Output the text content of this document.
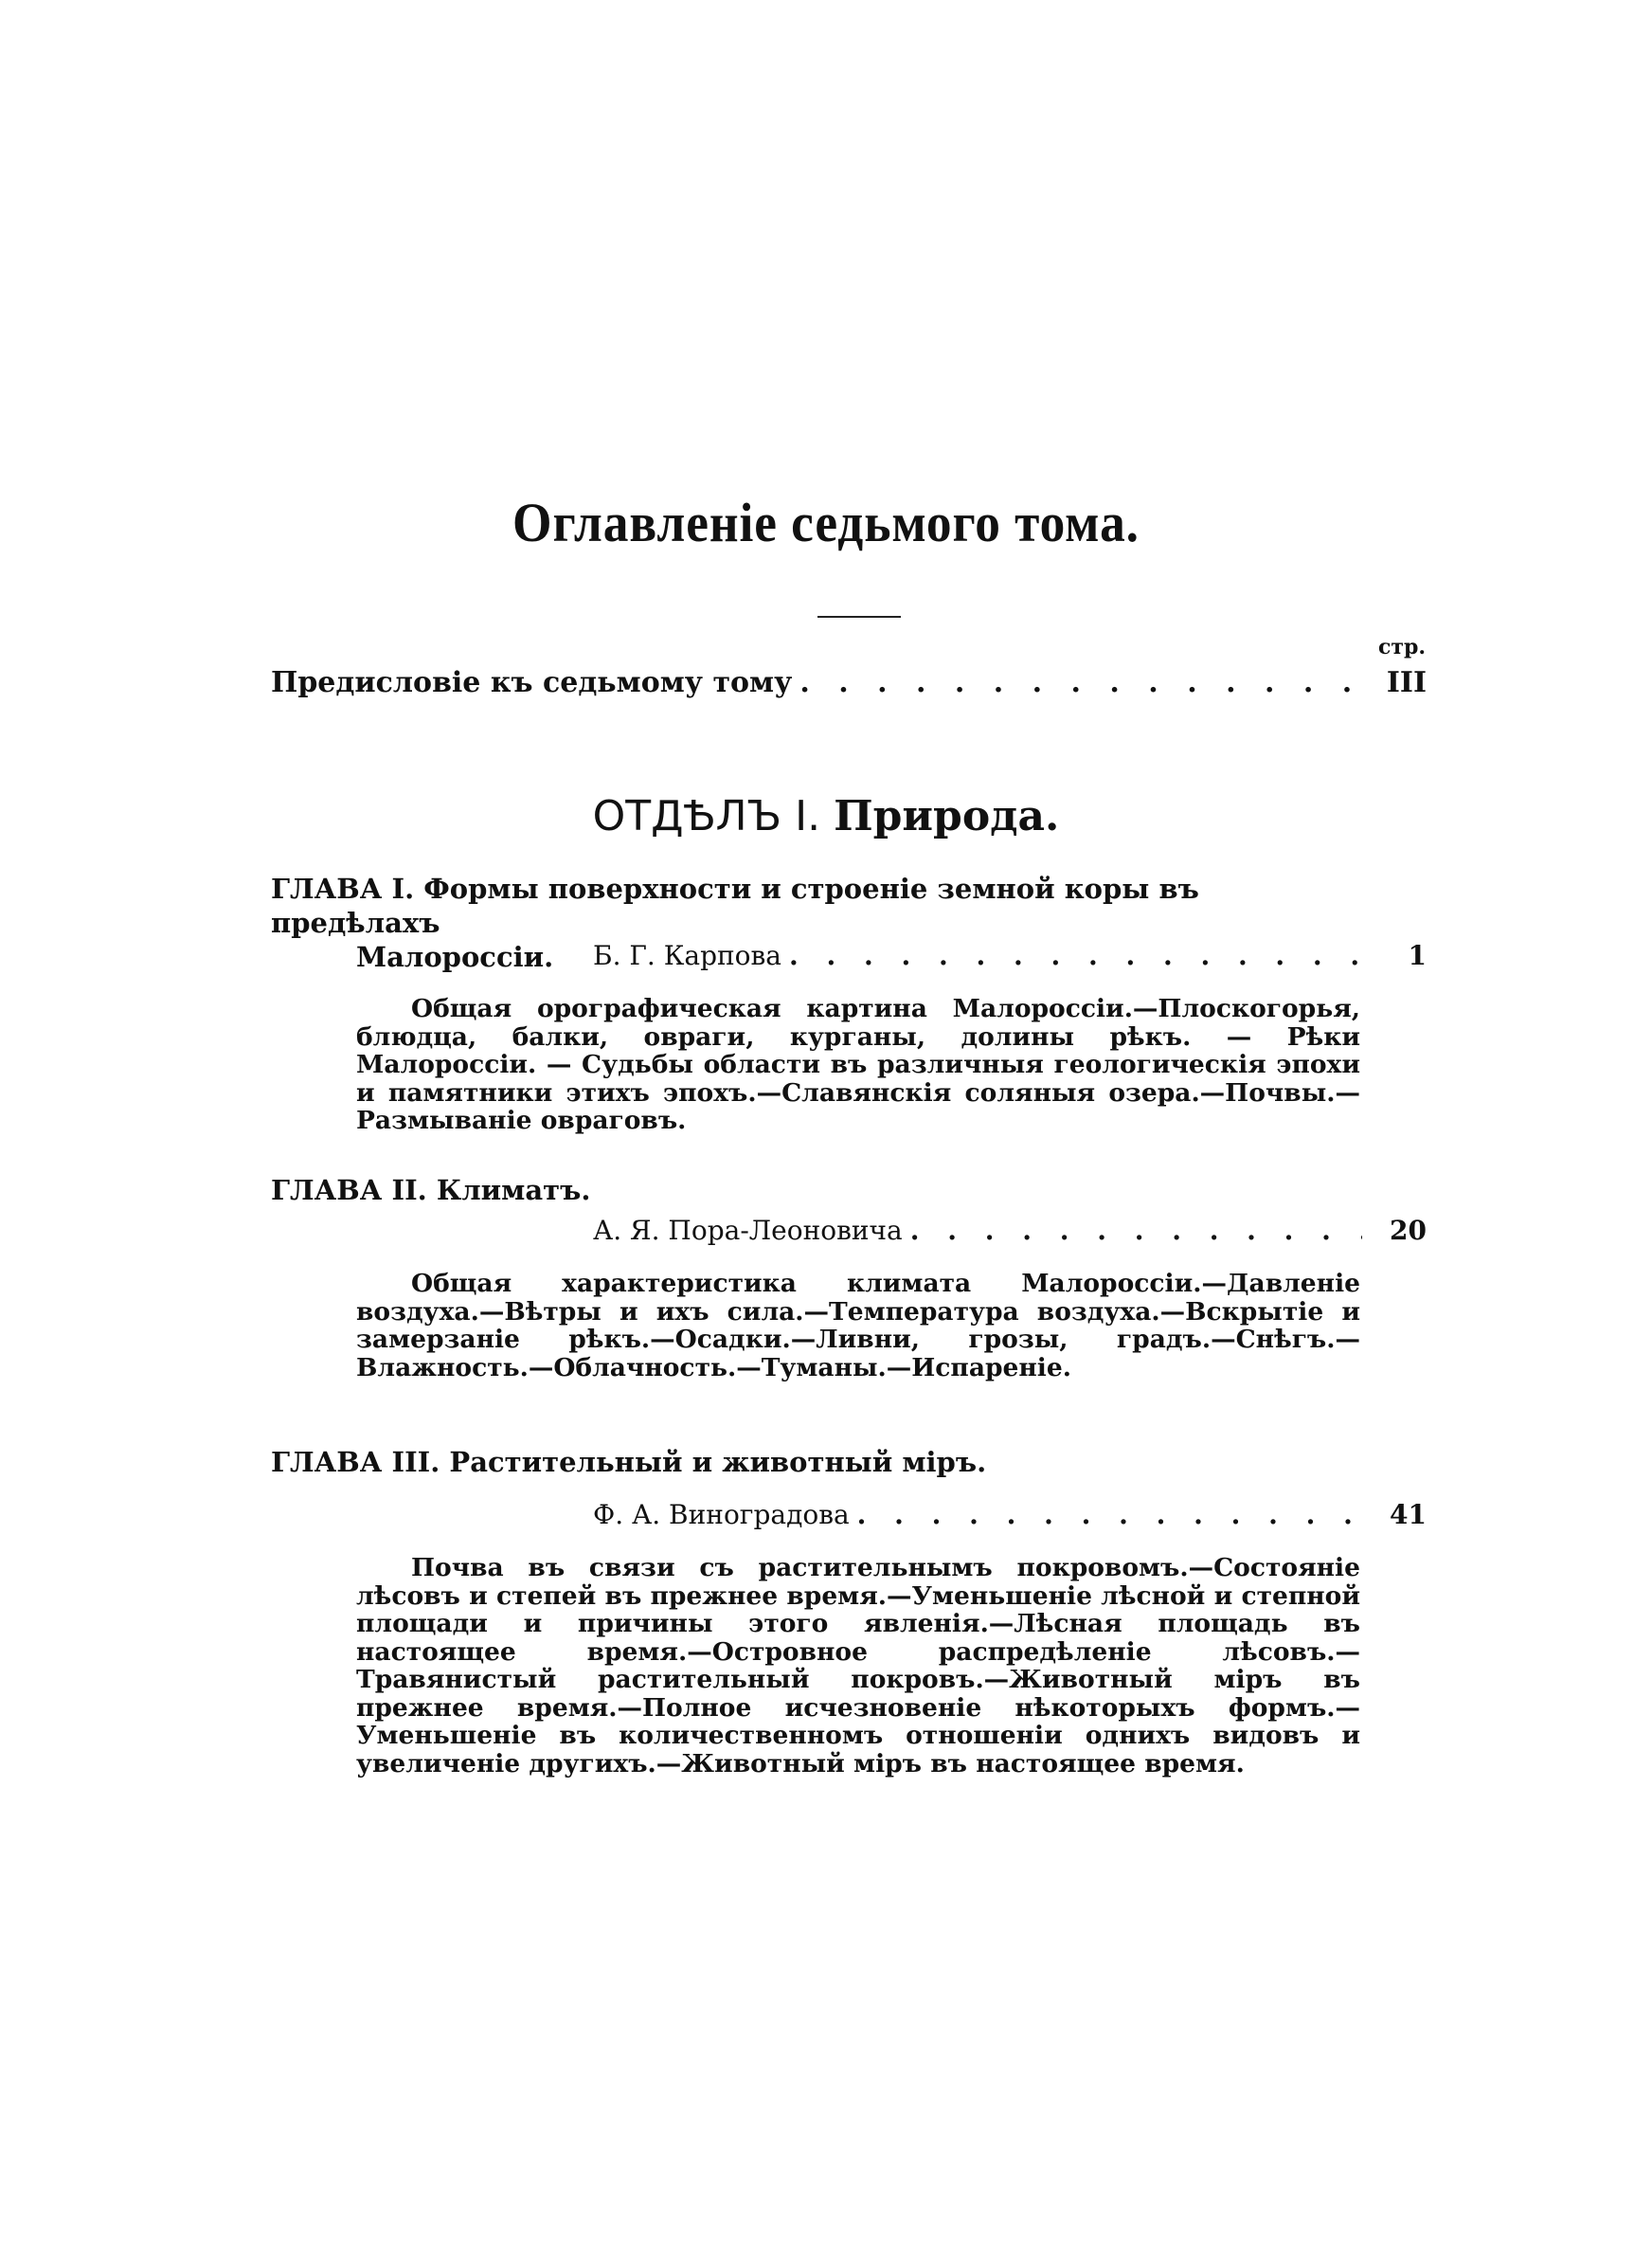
Оглавленіе седьмого тома.
стр.
Предисловіе къ седьмому тому . . .	III
ОТДѢЛЪ I. Природа.
ГЛАВА I. Формы поверхности и строеніе земной коры въ предѣлахъ
Малороссіи.	Б. Г. Карпова . . .	1
Общая орографическая картина Малороссіи.—Плоскогорья, блюдца, балки, овраги, курганы, долины рѣкъ. — Рѣки Малороссіи. — Судьбы области въ различныя геологическія эпохи и памятники этихъ эпохъ.—Славянскія соляныя озера.—Почвы.—Размываніе овраговъ.
ГЛАВА II. Климатъ.
А. Я. Пора-Леоновича . . .	20
Общая характеристика климата Малороссіи.—Давленіе воздуха.—Вѣтры и ихъ сила.—Температура воздуха.—Вскрытіе и замерзаніе рѣкъ.—Осадки.—Ливни, грозы, градъ.—Снѣгъ.—Влажность.—Облачность.—Туманы.—Испареніе.
ГЛАВА III. Растительный и животный міръ.
Ф. А. Виноградова . . .	41
Почва въ связи съ растительнымъ покровомъ.—Состояніе лѣсовъ и степей въ прежнее время.—Уменьшеніе лѣсной и степной площади и причины этого явленія.—Лѣсная площадь въ настоящее время.—Островное распредѣленіе лѣсовъ.—Травянистый растительный покровъ.—Животный міръ въ прежнее время.—Полное исчезновеніе нѣкоторыхъ формъ.—Уменьшеніе въ количественномъ отношеніи однихъ видовъ и увеличеніе другихъ.—Животный міръ въ настоящее время.
